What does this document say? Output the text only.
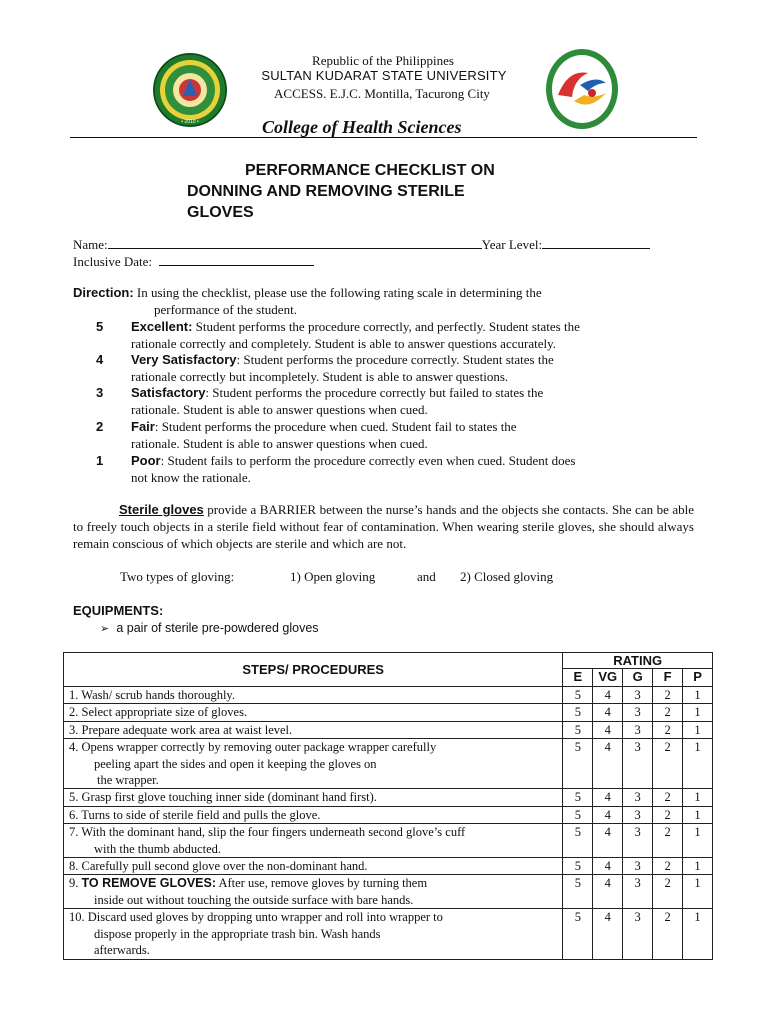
• 2010 •
Republic of the Philippines
SULTAN KUDARAT STATE UNIVERSITY
ACCESS. E.J.C. Montilla, Tacurong City
College of Health Sciences
PERFORMANCE CHECKLIST ON
DONNING AND REMOVING STERILE
GLOVES
Name:	Year Level:
Inclusive Date:
Direction: In using the checklist, please use the following rating scale in determining the
performance of the student.
5 Excellent: Student performs the procedure correctly, and perfectly. Student states the
rationale correctly and completely. Student is able to answer questions accurately.
4 Very Satisfactory: Student performs the procedure correctly. Student states the
rationale correctly but incompletely. Student is able to answer questions.
3 Satisfactory: Student performs the procedure correctly but failed to states the
rationale. Student is able to answer questions when cued.
2 Fair: Student performs the procedure when cued. Student fail to states the
rationale. Student is able to answer questions when cued.
1 Poor: Student fails to perform the procedure correctly even when cued. Student does
not know the rationale.
Sterile gloves provide a BARRIER between the nurse’s hands and the objects she contacts. She can be able to freely touch objects in a sterile field without fear of contamination. When wearing sterile gloves, she should always remain conscious of which objects are sterile and which are not.
Two types of gloving:	1) Open gloving	and 2) Closed gloving
EQUIPMENTS:
➢ a pair of sterile pre-powdered gloves
STEPS/ PROCEDURES	RATING				
	E	VG	G	F	P

1. Wash/ scrub hands thoroughly.	5	4	3	2	1

2. Select appropriate size of gloves.	5	4	3	2	1

3. Prepare adequate work area at waist level.	5	4	3	2	1

4. Opens wrapper correctly by removing outer package wrapper carefully
peeling apart the sides and open it keeping the gloves on
the wrapper.	5	4	3	2	1

5. Grasp first glove touching inner side (dominant hand first).	5	4	3	2	1

6. Turns to side of sterile field and pulls the glove.	5	4	3	2	1

7. With the dominant hand, slip the four fingers underneath second glove’s cuff
with the thumb abducted.	5	4	3	2	1

8. Carefully pull second glove over the non-dominant hand.	5	4	3	2	1

9. TO REMOVE GLOVES: After use, remove gloves by turning them
inside out without touching the outside surface with bare hands.	5	4	3	2	1

10. Discard used gloves by dropping unto wrapper and roll into wrapper to
dispose properly in the appropriate trash bin. Wash hands
afterwards.	5	4	3	2	1
